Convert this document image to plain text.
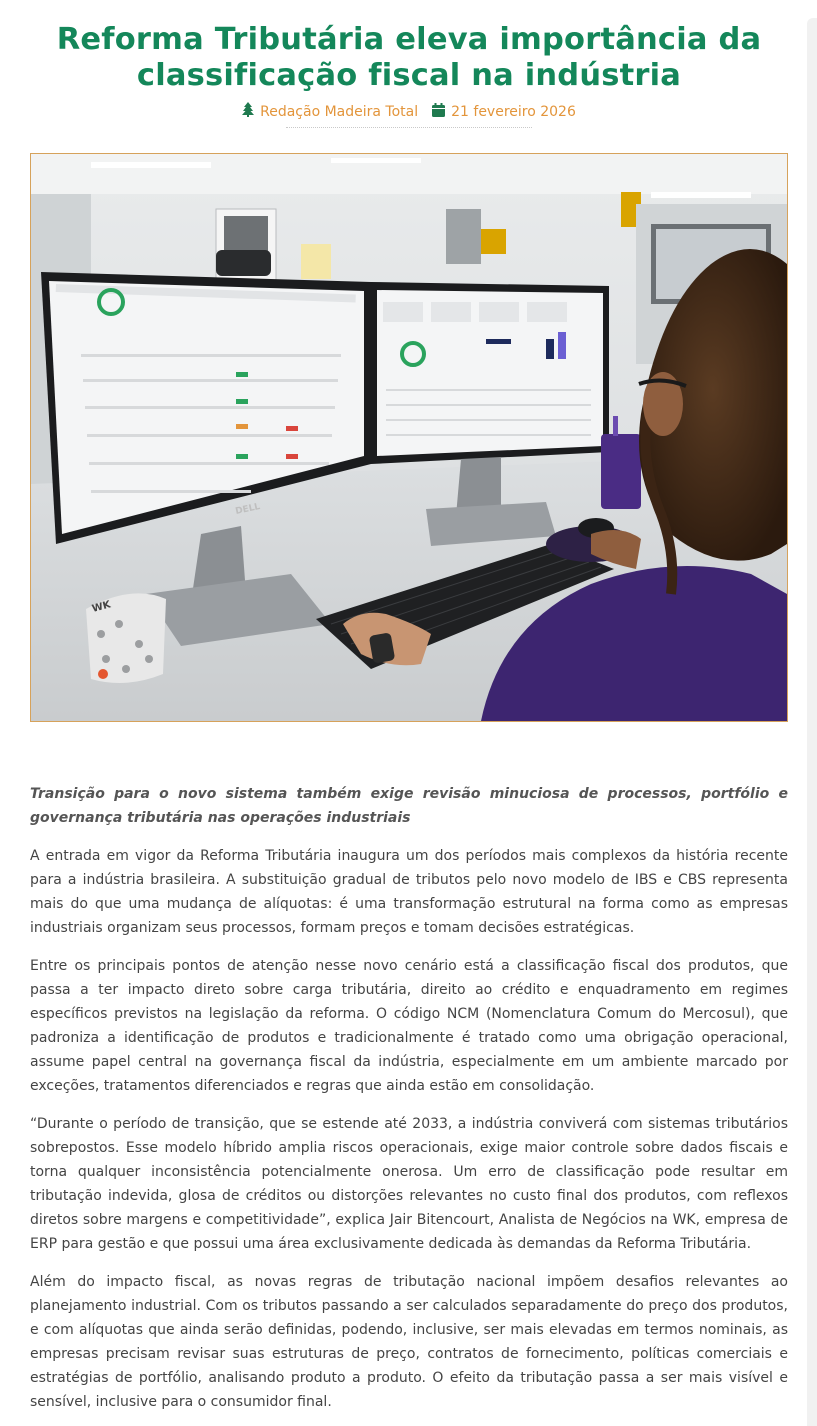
Reforma Tributária eleva importância da classificação fiscal na indústria
Redação Madeira Total 21 fevereiro 2026
DELL
WK

Transição para o novo sistema também exige revisão minuciosa de processos, portfólio e governança tributária nas operações industriais

A entrada em vigor da Reforma Tributária inaugura um dos períodos mais complexos da história recente para a indústria brasileira. A substituição gradual de tributos pelo novo modelo de IBS e CBS representa mais do que uma mudança de alíquotas: é uma transformação estrutural na forma como as empresas industriais organizam seus processos, formam preços e tomam decisões estratégicas.

Entre os principais pontos de atenção nesse novo cenário está a classificação fiscal dos produtos, que passa a ter impacto direto sobre carga tributária, direito ao crédito e enquadramento em regimes específicos previstos na legislação da reforma. O código NCM (Nomenclatura Comum do Mercosul), que padroniza a identificação de produtos e tradicionalmente é tratado como uma obrigação operacional, assume papel central na governança fiscal da indústria, especialmente em um ambiente marcado por exceções, tratamentos diferenciados e regras que ainda estão em consolidação.

“Durante o período de transição, que se estende até 2033, a indústria conviverá com sistemas tributários sobrepostos. Esse modelo híbrido amplia riscos operacionais, exige maior controle sobre dados fiscais e torna qualquer inconsistência potencialmente onerosa. Um erro de classificação pode resultar em tributação indevida, glosa de créditos ou distorções relevantes no custo final dos produtos, com reflexos diretos sobre margens e competitividade”, explica Jair Bitencourt, Analista de Negócios na WK, empresa de ERP para gestão e que possui uma área exclusivamente dedicada às demandas da Reforma Tributária.

Além do impacto fiscal, as novas regras de tributação nacional impõem desafios relevantes ao planejamento industrial. Com os tributos passando a ser calculados separadamente do preço dos produtos, e com alíquotas que ainda serão definidas, podendo, inclusive, ser mais elevadas em termos nominais, as empresas precisam revisar suas estruturas de preço, contratos de fornecimento, políticas comerciais e estratégias de portfólio, analisando produto a produto. O efeito da tributação passa a ser mais visível e sensível, inclusive para o consumidor final.
